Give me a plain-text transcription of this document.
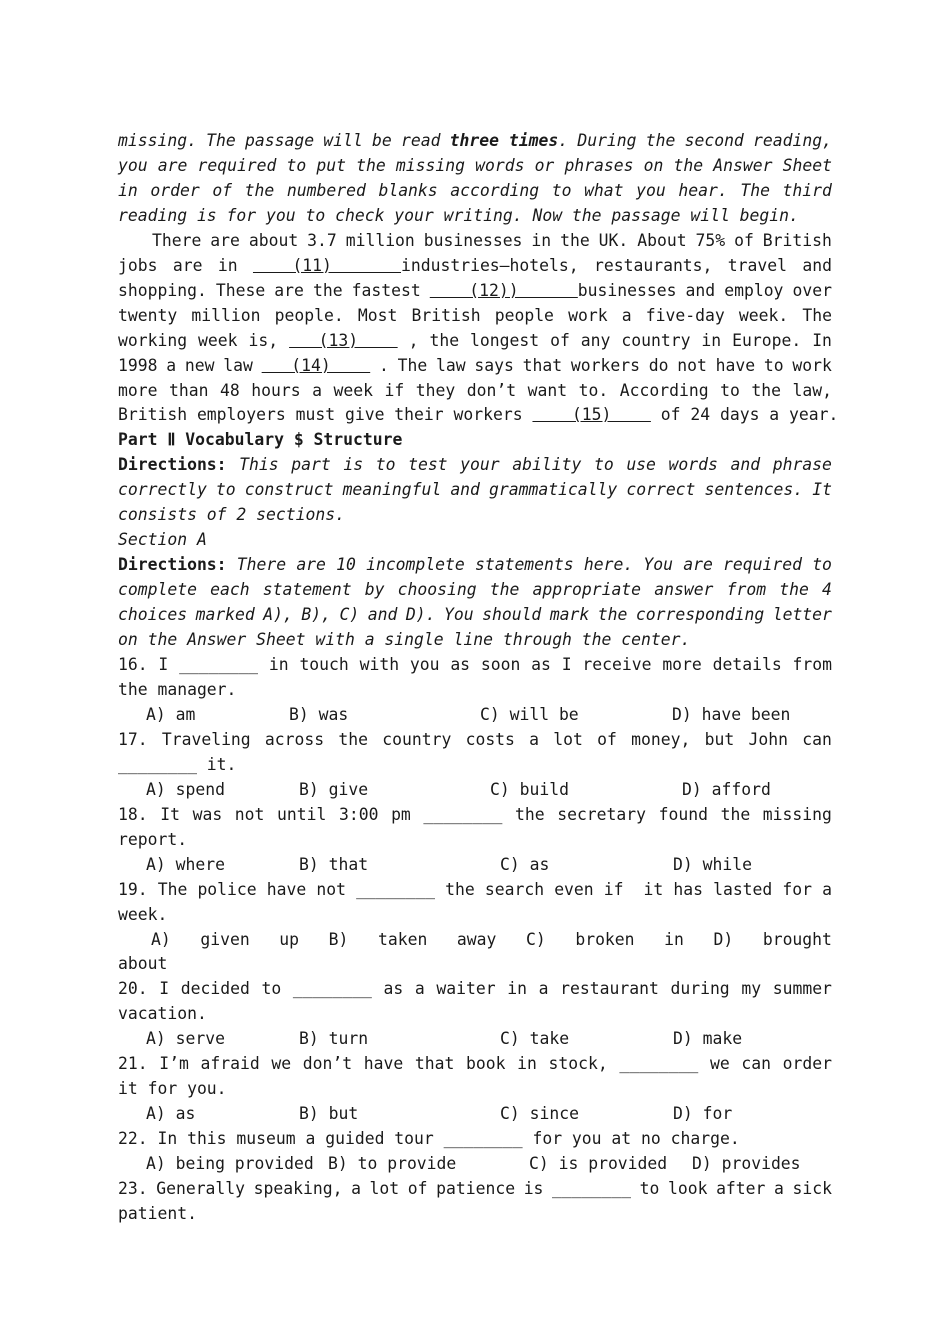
missing. The passage will be read three times. During the second reading,
you are required to put the missing words or phrases on the Answer Sheet
in order of the numbered blanks according to what you hear. The third
reading is for you to check your writing. Now the passage will begin.
There are about 3.7 million businesses in the UK. About 75% of British
jobs are in (11)       industries—hotels, restaurants, travel and
shopping. These are the fastest (12))      businesses and employ over
twenty million people. Most British people work a five-day week. The
working week is, (13) , the longest of any country in Europe. In
1998 a new law (14) . The law says that workers do not have to work
more than 48 hours a week if they don’t want to. According to the law,
British employers must give their workers (15) of 24 days a year.
Part Ⅱ Vocabulary $ Structure
Directions: This part is to test your ability to use words and phrase
correctly to construct meaningful and grammatically correct sentences. It
consists of 2 sections.
Section A
Directions: There are 10 incomplete statements here. You are required to
complete each statement by choosing the appropriate answer from the 4
choices marked A), B), C) and D). You should mark the corresponding letter
on the Answer Sheet with a single line through the center.
16. I ________ in touch with you as soon as I receive more details from
the manager.
A) am	B) was	C) will be	D) have been
17. Traveling across the country costs a lot of money, but John can
________ it.
A) spend	B) give	C) build	D) afford
18. It was not until 3:00 pm ________ the secretary found the missing
report.
A) where	B) that	C) as	D) while
19. The police have not ________ the search even if it has lasted for a
week.
A) given up B) taken away C) broken in D) brought
about
20. I decided to ________ as a waiter in a restaurant during my summer
vacation.
A) serve	B) turn	C) take	D) make
21. I’m afraid we don’t have that book in stock, ________ we can order
it for you.
A) as	B) but	C) since	D) for
22. In this museum a guided tour ________ for you at no charge.
A) being provided B) to provide	C) is provided	D) provides
23. Generally speaking, a lot of patience is ________ to look after a sick
patient.
